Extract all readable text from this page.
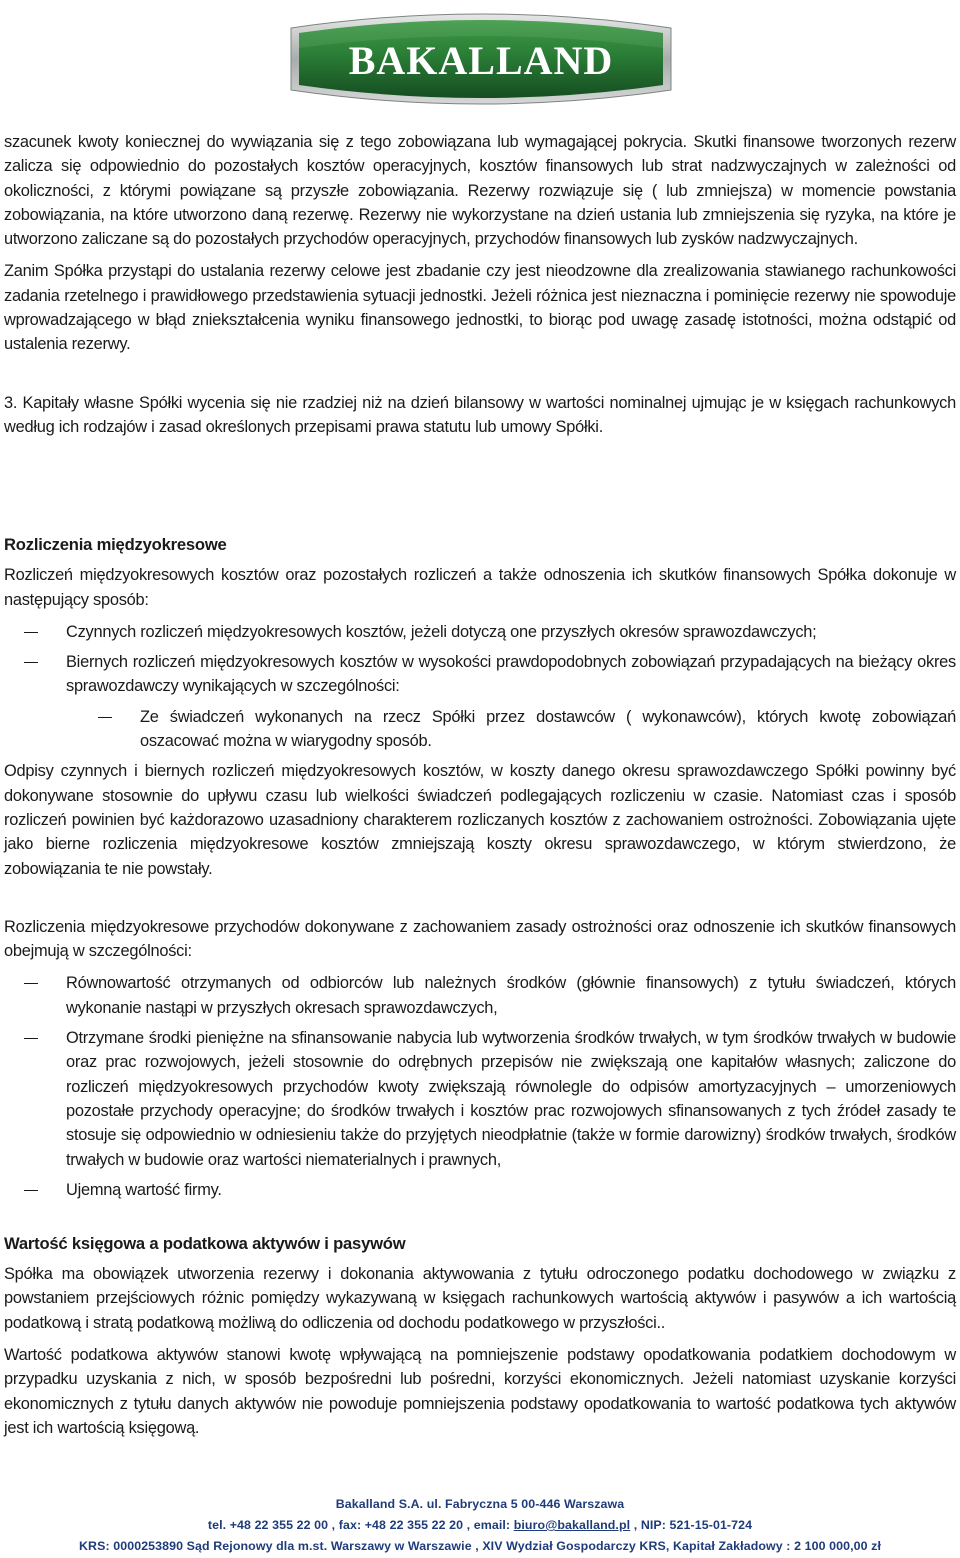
BAKALLAND

szacunek kwoty koniecznej do wywiązania się z tego zobowiązana lub wymagającej pokrycia. Skutki finansowe tworzonych rezerw zalicza się odpowiednio do pozostałych kosztów operacyjnych, kosztów finansowych lub strat nadzwyczajnych w zależności od okoliczności, z którymi powiązane są przyszłe zobowiązania. Rezerwy rozwiązuje się ( lub zmniejsza) w momencie powstania zobowiązania, na które utworzono daną rezerwę. Rezerwy nie wykorzystane na dzień ustania lub zmniejszenia się ryzyka, na które je utworzono zaliczane są do pozostałych przychodów operacyjnych, przychodów finansowych lub zysków nadzwyczajnych.

Zanim Spółka przystąpi do ustalania rezerwy celowe jest zbadanie czy jest nieodzowne dla zrealizowania stawianego rachunkowości zadania rzetelnego i prawidłowego przedstawienia sytuacji jednostki. Jeżeli różnica jest nieznaczna i pominięcie rezerwy nie spowoduje wprowadzającego w błąd zniekształcenia wyniku finansowego jednostki, to biorąc pod uwagę zasadę istotności, można odstąpić od ustalenia rezerwy.

3. Kapitały własne Spółki wycenia się nie rzadziej niż na dzień bilansowy w wartości nominalnej ujmując je w księgach rachunkowych według ich rodzajów i zasad określonych przepisami prawa statutu lub umowy Spółki.

Rozliczenia międzyokresowe

Rozliczeń międzyokresowych kosztów oraz pozostałych rozliczeń a także odnoszenia ich skutków finansowych Spółka dokonuje w następujący sposób:

Czynnych rozliczeń międzyokresowych kosztów, jeżeli dotyczą one przyszłych okresów sprawozdawczych;
Biernych rozliczeń międzyokresowych kosztów w wysokości prawdopodobnych zobowiązań przypadających na bieżący okres sprawozdawczy wynikających w szczególności:
Ze świadczeń wykonanych na rzecz Spółki przez dostawców ( wykonawców), których kwotę zobowiązań oszacować można w wiarygodny sposób.

Odpisy czynnych i biernych rozliczeń międzyokresowych kosztów, w koszty danego okresu sprawozdawczego Spółki powinny być dokonywane stosownie do upływu czasu lub wielkości świadczeń podlegających rozliczeniu w czasie. Natomiast czas i sposób rozliczeń powinien być każdorazowo uzasadniony charakterem rozliczanych kosztów z zachowaniem ostrożności. Zobowiązania ujęte jako bierne rozliczenia międzyokresowe kosztów zmniejszają koszty okresu sprawozdawczego, w którym stwierdzono, że zobowiązania te nie powstały.

Rozliczenia międzyokresowe przychodów dokonywane z zachowaniem zasady ostrożności oraz odnoszenie ich skutków finansowych obejmują w szczególności:

Równowartość otrzymanych od odbiorców lub należnych środków (głównie finansowych) z tytułu świadczeń, których wykonanie nastąpi w przyszłych okresach sprawozdawczych,
Otrzymane środki pieniężne na sfinansowanie nabycia lub wytworzenia środków trwałych, w tym środków trwałych w budowie oraz prac rozwojowych, jeżeli stosownie do odrębnych przepisów nie zwiększają one kapitałów własnych; zaliczone do rozliczeń międzyokresowych przychodów kwoty zwiększają równolegle do odpisów amortyzacyjnych – umorzeniowych pozostałe przychody operacyjne; do środków trwałych i kosztów prac rozwojowych sfinansowanych z tych źródeł zasady te stosuje się odpowiednio w odniesieniu także do przyjętych nieodpłatnie (także w formie darowizny) środków trwałych, środków trwałych w budowie oraz wartości niematerialnych i prawnych,
Ujemną wartość firmy.
Wartość księgowa a podatkowa aktywów i pasywów

Spółka ma obowiązek utworzenia rezerwy i dokonania aktywowania z tytułu odroczonego podatku dochodowego w związku z powstaniem przejściowych różnic pomiędzy wykazywaną w księgach rachunkowych wartością aktywów i pasywów a ich wartością podatkową i stratą podatkową możliwą do odliczenia od dochodu podatkowego w przyszłości..

Wartość podatkowa aktywów stanowi kwotę wpływającą na pomniejszenie podstawy opodatkowania podatkiem dochodowym w przypadku uzyskania z nich, w sposób bezpośredni lub pośredni, korzyści ekonomicznych. Jeżeli natomiast uzyskanie korzyści ekonomicznych z tytułu danych aktywów nie powoduje pomniejszenia podstawy opodatkowania to wartość podatkowa tych aktywów jest ich wartością księgową.

Bakalland S.A. ul. Fabryczna 5 00-446 Warszawa
tel. +48 22 355 22 00 , fax: +48 22 355 22 20 , email: biuro@bakalland.pl , NIP: 521-15-01-724
KRS: 0000253890 Sąd Rejonowy dla m.st. Warszawy w Warszawie , XIV Wydział Gospodarczy KRS, Kapitał Zakładowy : 2 100 000,00 zł
